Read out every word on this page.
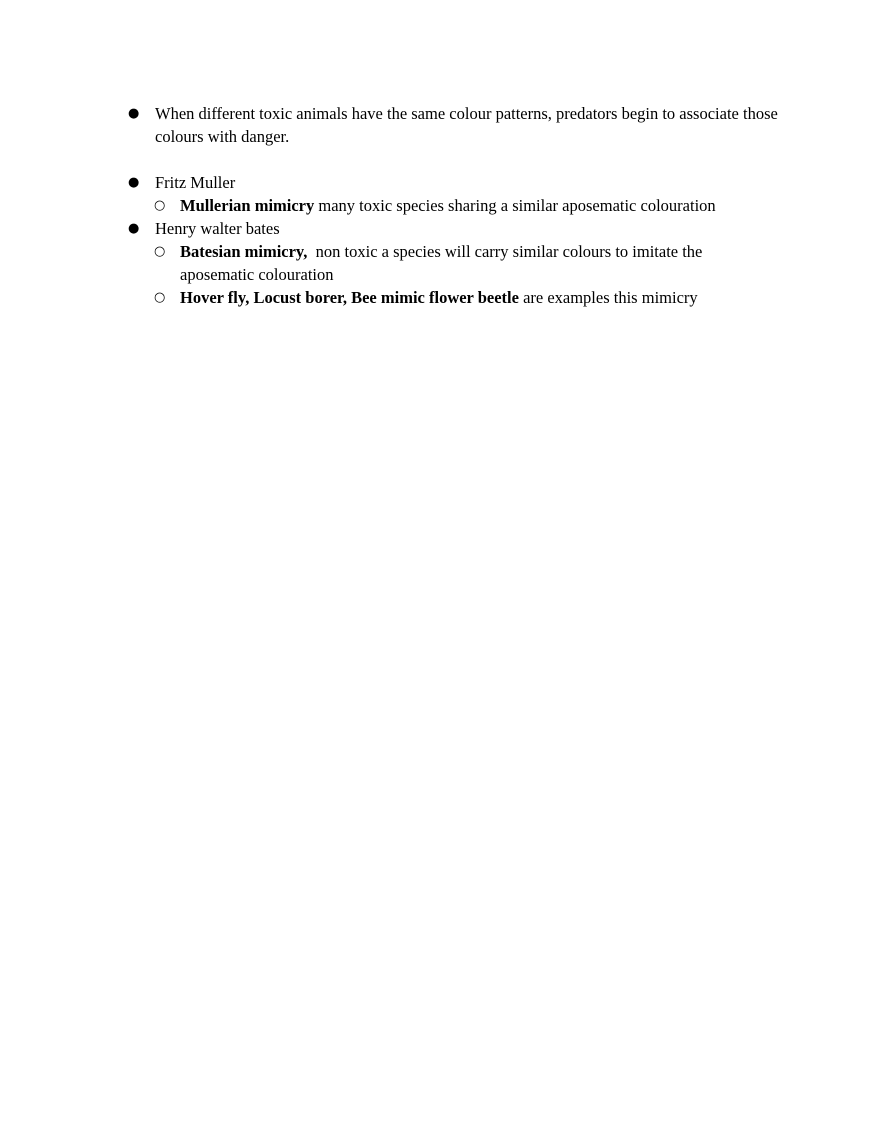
● When different toxic animals have the same colour patterns, predators begin to associate those colours with danger.
● Fritz Muller
○ Mullerian mimicry many toxic species sharing a similar aposematic colouration
● Henry walter bates
○ Batesian mimicry,  non toxic a species will carry similar colours to imitate the aposematic colouration
○ Hover fly, Locust borer, Bee mimic flower beetle are examples this mimicry
